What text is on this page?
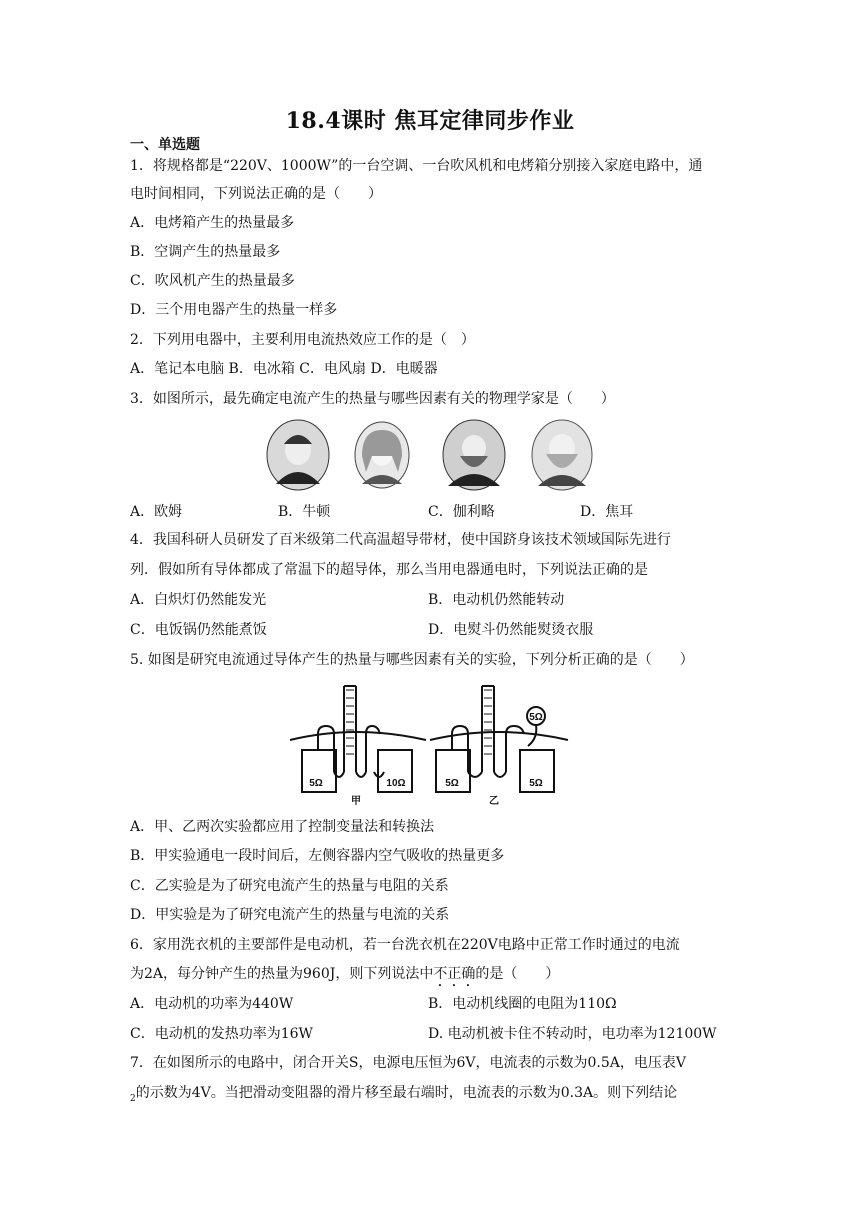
18.4课时 焦耳定律同步作业
一、单选题
1．将规格都是“220V、1000W”的一台空调、一台吹风机和电烤箱分别接入家庭电路中，通
电时间相同，下列说法正确的是（　　）
A．电烤箱产生的热量最多
B．空调产生的热量最多
C．吹风机产生的热量最多
D．三个用电器产生的热量一样多
2．下列用电器中，主要利用电流热效应工作的是（　）
A．笔记本电脑 B．电冰箱 C．电风扇 D．电暖器
3．如图所示，最先确定电流产生的热量与哪些因素有关的物理学家是（　　）
A．欧姆	B．牛顿	C．伽利略	D．焦耳
4．我国科研人员研发了百米级第二代高温超导带材，使中国跻身该技术领域国际先进行
列．假如所有导体都成了常温下的超导体，那么当用电器通电时，下列说法正确的是
A．白炽灯仍然能发光	B．电动机仍然能转动
C．电饭锅仍然能煮饭	D．电熨斗仍然能熨烫衣服
5. 如图是研究电流通过导体产生的热量与哪些因素有关的实验，下列分析正确的是（　　）
5Ω	10Ω	5Ω	5Ω
5Ω
甲	乙
A．甲、乙两次实验都应用了控制变量法和转换法
B．甲实验通电一段时间后，左侧容器内空气吸收的热量更多
C．乙实验是为了研究电流产生的热量与电阻的关系
D．甲实验是为了研究电流产生的热量与电流的关系
6．家用洗衣机的主要部件是电动机，若一台洗衣机在220V电路中正常工作时通过的电流
为2A，每分钟产生的热量为960J，则下列说法中不正确的是（　　）
A．电动机的功率为440W	B．电动机线圈的电阻为110Ω
C．电动机的发热功率为16W	D. 电动机被卡住不转动时，电功率为12100W
7．在如图所示的电路中，闭合开关S，电源电压恒为6V，电流表的示数为0.5A，电压表V
$_2$的示数为4V。当把滑动变阻器的滑片移至最右端时，电流表的示数为0.3A。则下列结论
